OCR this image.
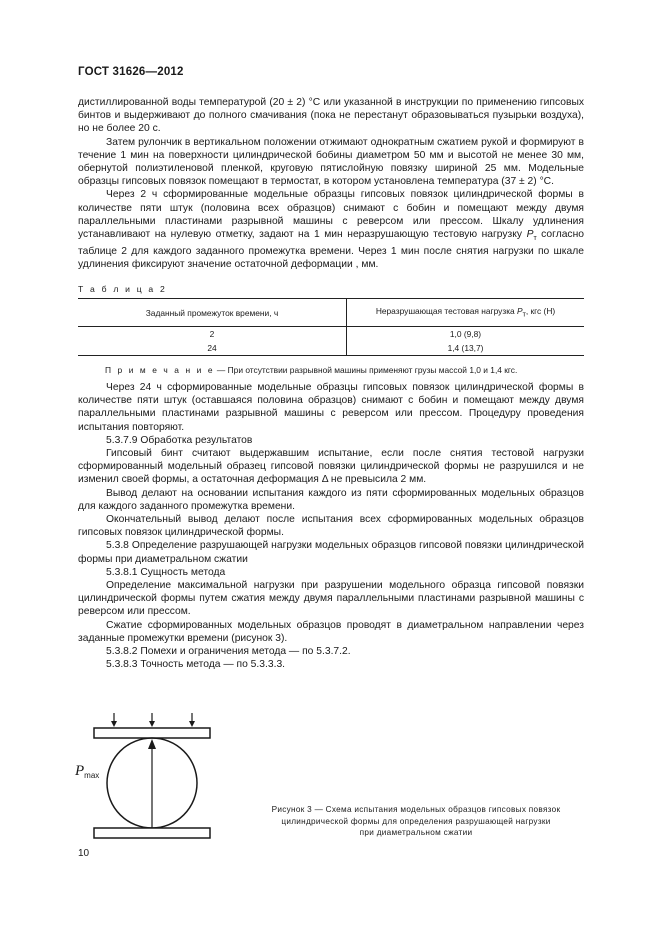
ГОСТ 31626—2012

дистиллированной воды температурой (20 ± 2) °С или указанной в инструкции по применению гипсовых бинтов и выдерживают до полного смачивания (пока не перестанут образовываться пузырьки воздуха), но не более 20 с.

Затем рулончик в вертикальном положении отжимают однократным сжатием рукой и формируют в течение 1 мин на поверхности цилиндрической бобины диаметром 50 мм и высотой не менее 30 мм, обернутой полиэтиленовой пленкой, круговую пятислойную повязку шириной 25 мм. Модельные образцы гипсовых повязок помещают в термостат, в котором установлена температура (37 ± 2) °С.

Через 2 ч сформированные модельные образцы гипсовых повязок цилиндрической формы в количестве пяти штук (половина всех образцов) снимают с бобин и помещают между двумя параллельными пластинами разрывной машины с реверсом или прессом. Шкалу удлинения устанавливают на нулевую отметку, задают на 1 мин неразрушающую тестовую нагрузку $P_т$ согласно таблице 2 для каждого заданного промежутка времени. Через 1 мин после снятия нагрузки по шкале удлинения фиксируют значение остаточной деформации , мм.

Т а б л и ц а 2
Заданный промежуток времени, ч	Неразрушающая тестовая нагрузка $P_т$, кгс (Н)
2	1,0 (9,8)
24	1,4 (13,7)
П р и м е ч а н и е — При отсутствии разрывной машины применяют грузы массой 1,0 и 1,4 кгс.

Через 24 ч сформированные модельные образцы гипсовых повязок цилиндрической формы в количестве пяти штук (оставшаяся половина образцов) снимают с бобин и помещают между двумя параллельными пластинами разрывной машины с реверсом или прессом. Процедуру проведения испытания повторяют.

5.3.7.9 Обработка результатов

Гипсовый бинт считают выдержавшим испытание, если после снятия тестовой нагрузки сформированный модельный образец гипсовой повязки цилиндрической формы не разрушился и не изменил своей формы, а остаточная деформация Δ не превысила 2 мм.

Вывод делают на основании испытания каждого из пяти сформированных модельных образцов для каждого заданного промежутка времени.

Окончательный вывод делают после испытания всех сформированных модельных образцов гипсовых повязок цилиндрической формы.

5.3.8 Определение разрушающей нагрузки модельных образцов гипсовой повязки цилиндрической формы при диаметральном сжатии

5.3.8.1 Сущность метода

Определение максимальной нагрузки при разрушении модельного образца гипсовой повязки цилиндрической формы путем сжатия между двумя параллельными пластинами разрывной машины с реверсом или прессом.

Сжатие сформированных модельных образцов проводят в диаметральном направлении через заданные промежутки времени (рисунок 3).

5.3.8.2 Помехи и ограничения метода — по 5.3.7.2.

5.3.8.3 Точность метода — по 5.3.3.3.

$P_{max}$
Рисунок 3 — Схема испытания модельных образцов гипсовых повязок
цилиндрической формы для определения разрушающей нагрузки
при диаметральном сжатии
10
